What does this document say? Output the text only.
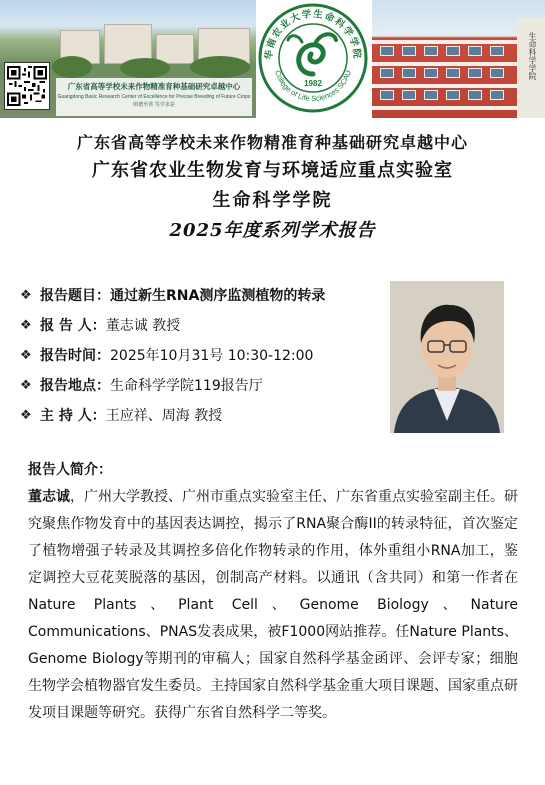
广东省高等学校未来作物精准育种基础研究卓越中心
Guangdong Basic Research Center of Excellence for Precise Breeding of Future Crops
明德至善 笃学求是
华南农业大学生命科学学院
College of Life Sciences SCAU
1982
生命科学学院
广东省高等学校未来作物精准育种基础研究卓越中心
广东省农业生物发育与环境适应重点实验室
生命科学学院
2025年度系列学术报告
❖ 报告题目 ： 通过新生RNA测序监测植物的转录
❖ 报 告 人 ： 董志诚 教授
❖ 报告时间 ： 2025年10月31号 10:30-12:00
❖ 报告地点 ： 生命科学学院119报告厅
❖ 主 持 人 ： 王应祥、周海 教授
报告人简介：
董志诚，广州大学教授、广州市重点实验室主任、广东省重点实验室副主任。研究聚焦作物发育中的基因表达调控，揭示了RNA聚合酶II的转录特征，首次鉴定了植物增强子转录及其调控多倍化作物转录的作用，体外重组小RNA加工，鉴定调控大豆花荚脱落的基因，创制高产材料。以通讯（含共同）和第一作者在Nature Plants、Plant Cell、Genome Biology、Nature Communications、PNAS发表成果，被F1000网站推荐。任Nature Plants、Genome Biology等期刊的审稿人；国家自然科学基金函评、会评专家；细胞生物学会植物器官发生委员。主持国家自然科学基金重大项目课题、国家重点研发项目课题等研究。获得广东省自然科学二等奖。
